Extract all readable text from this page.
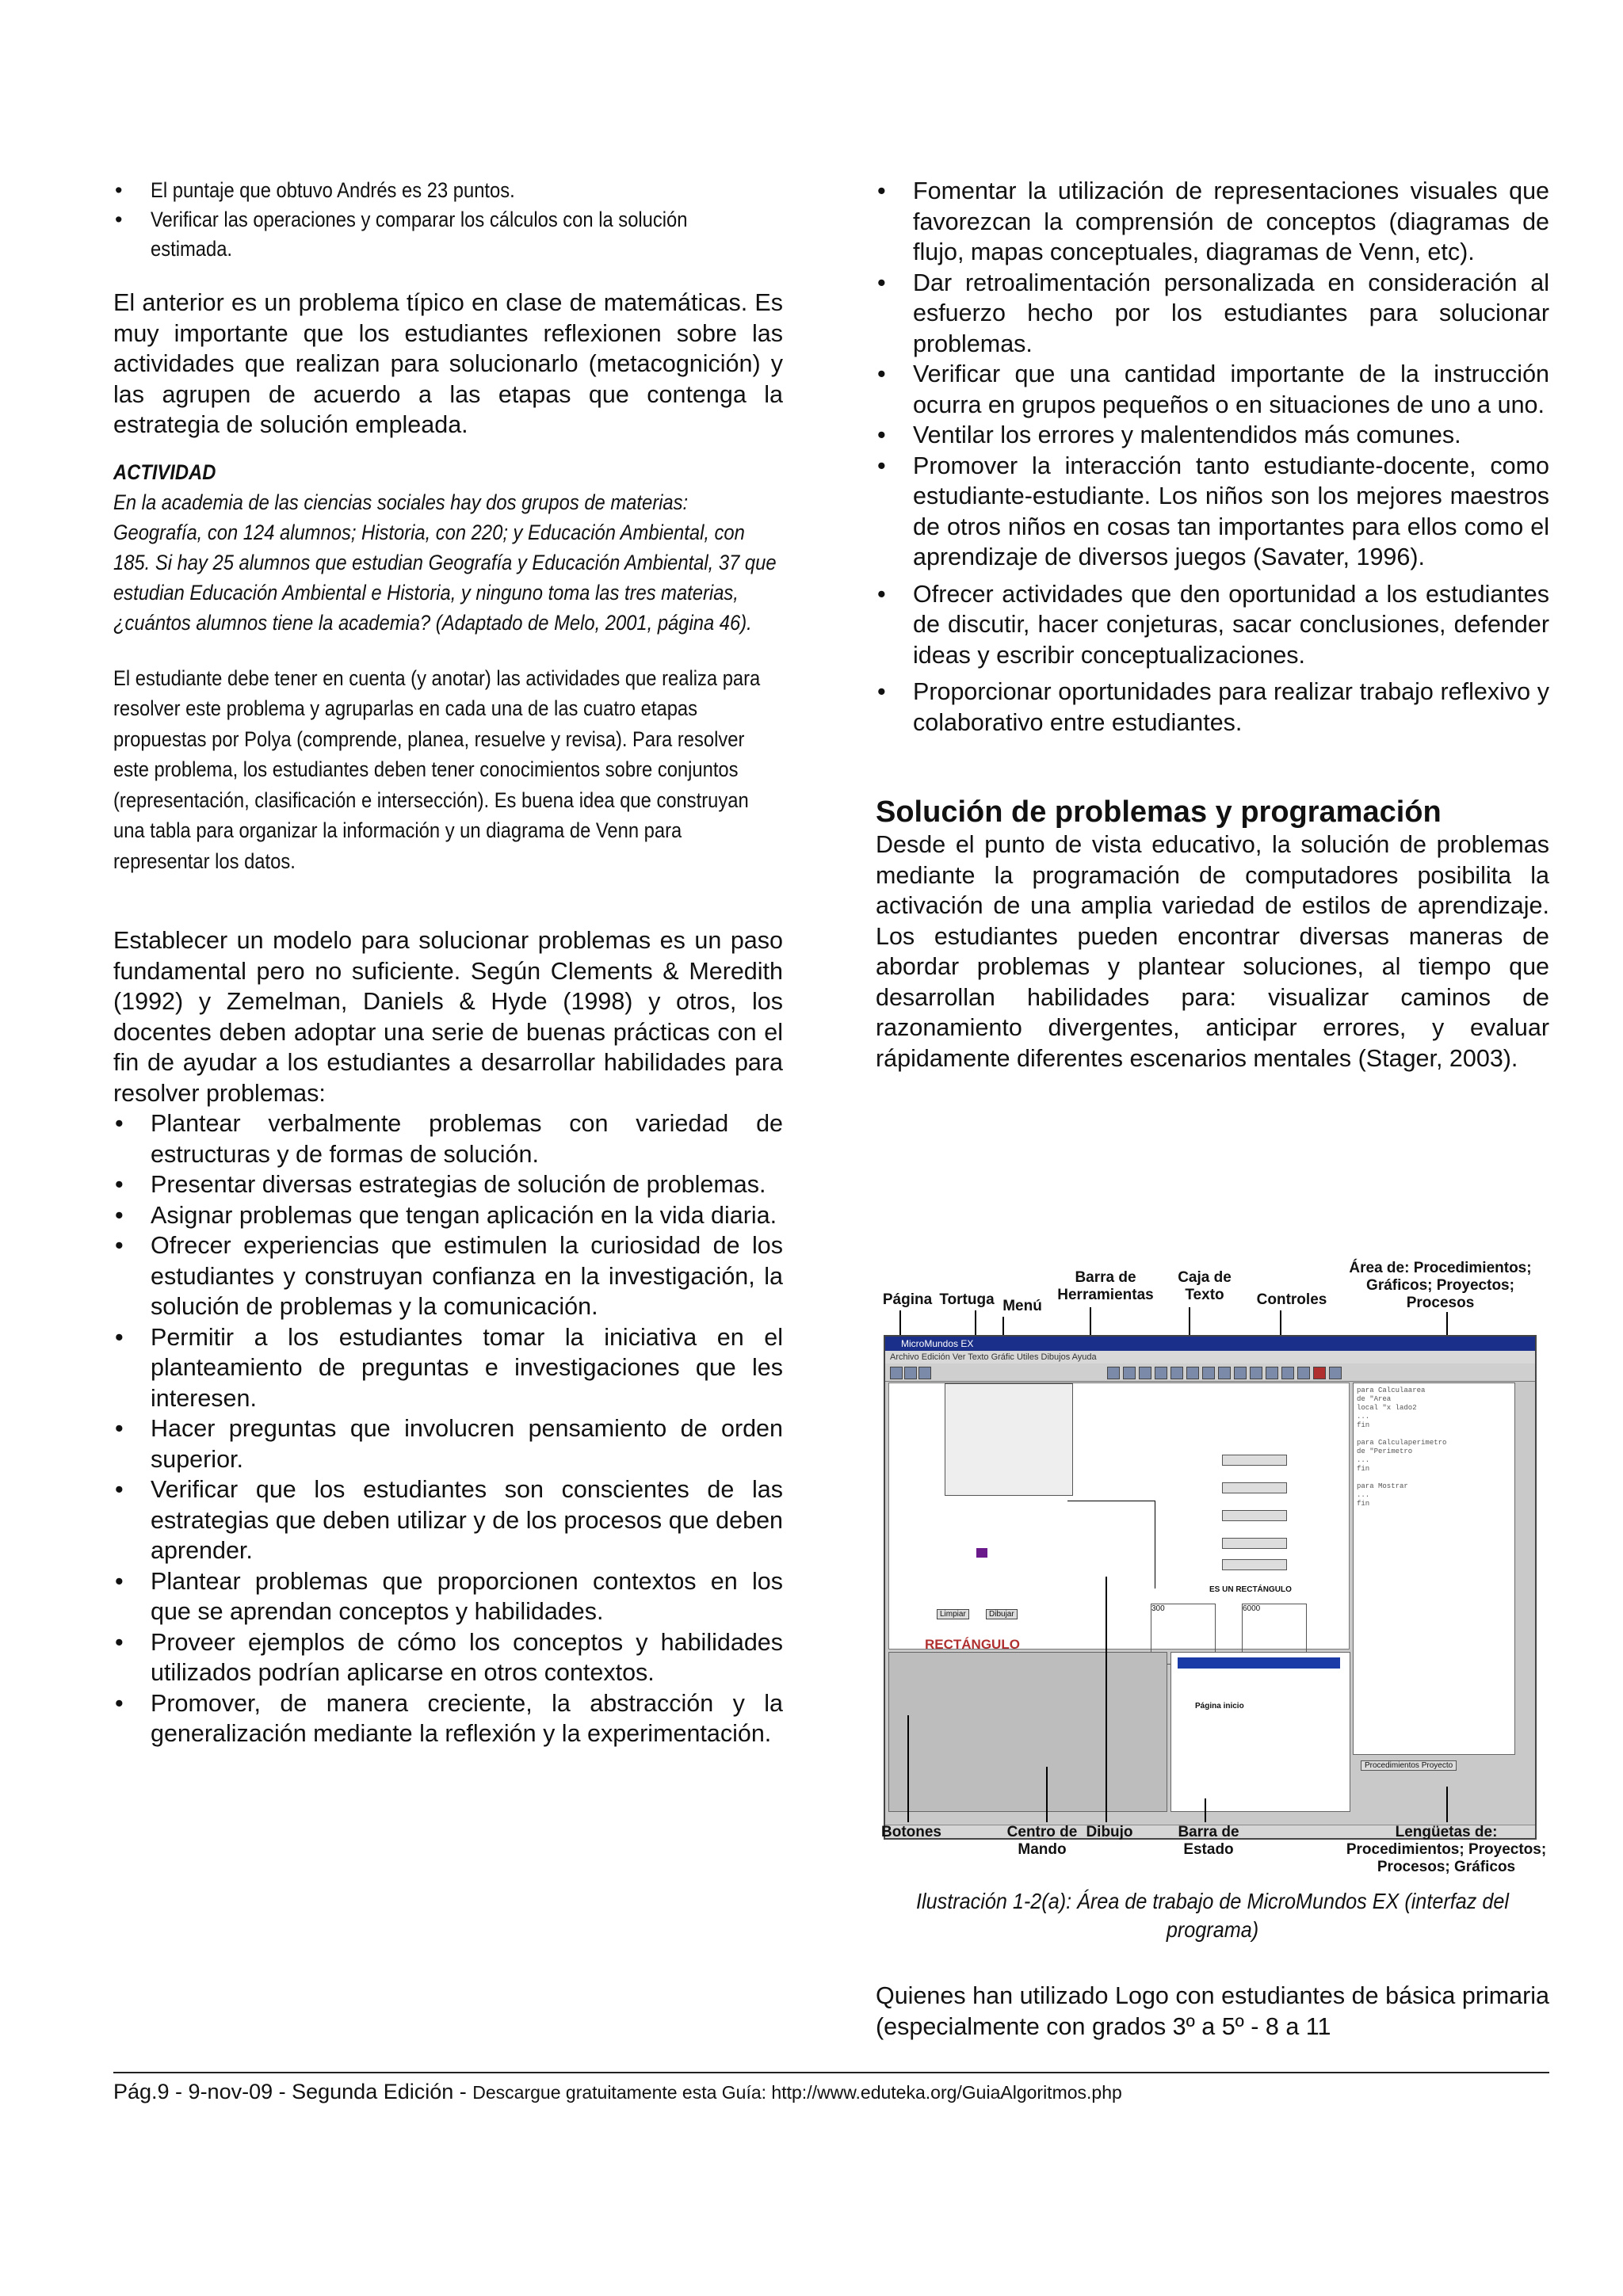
• El puntaje que obtuvo Andrés es 23 puntos.
• Verificar las operaciones y comparar los cálculos con la solución estimada.

El anterior es un problema típico en clase de matemáticas. Es muy importante que los estudiantes reflexionen sobre las actividades que realizan para solucionarlo (metacognición) y las agrupen de acuerdo a las etapas que contenga la estrategia de solución empleada.

ACTIVIDAD
En la academia de las ciencias sociales hay dos grupos de materias: Geografía, con 124 alumnos; Historia, con 220; y Educación Ambiental, con 185. Si hay 25 alumnos que estudian Geografía y Educación Ambiental, 37 que estudian Educación Ambiental e Historia, y ninguno toma las tres materias, ¿cuántos alumnos tiene la academia? (Adaptado de Melo, 2001, página 46).
El estudiante debe tener en cuenta (y anotar) las actividades que realiza para resolver este problema y agruparlas en cada una de las cuatro etapas propuestas por Polya (comprende, planea, resuelve y revisa). Para resolver este problema, los estudiantes deben tener conocimientos sobre conjuntos (representación, clasificación e intersección). Es buena idea que construyan una tabla para organizar la información y un diagrama de Venn para representar los datos.

Establecer un modelo para solucionar problemas es un paso fundamental pero no suficiente. Según Clements & Meredith (1992) y Zemelman, Daniels & Hyde (1998) y otros, los docentes deben adoptar una serie de buenas prácticas con el fin de ayudar a los estudiantes a desarrollar habilidades para resolver problemas:

• Plantear verbalmente problemas con variedad de estructuras y de formas de solución.
• Presentar diversas estrategias de solución de problemas.
• Asignar problemas que tengan aplicación en la vida diaria.
• Ofrecer experiencias que estimulen la curiosidad de los estudiantes y construyan confianza en la investigación, la solución de problemas y la comunicación.
• Permitir a los estudiantes tomar la iniciativa en el planteamiento de preguntas e investigaciones que les interesen.
• Hacer preguntas que involucren pensamiento de orden superior.
• Verificar que los estudiantes son conscientes de las estrategias que deben utilizar y de los procesos que deben aprender.
• Plantear problemas que proporcionen contextos en los que se aprendan conceptos y habilidades.
• Proveer ejemplos de cómo los conceptos y habilidades utilizados podrían aplicarse en otros contextos.
• Promover, de manera creciente, la abstracción y la generalización mediante la reflexión y la experimentación.
• Fomentar la utilización de representaciones visuales que favorezcan la comprensión de conceptos (diagramas de flujo, mapas conceptuales, diagramas de Venn, etc).
• Dar retroalimentación personalizada en consideración al esfuerzo hecho por los estudiantes para solucionar problemas.
• Verificar que una cantidad importante de la instrucción ocurra en grupos pequeños o en situaciones de uno a uno.
• Ventilar los errores y malentendidos más comunes.
• Promover la interacción tanto estudiante-docente, como estudiante-estudiante. Los niños son los mejores maestros de otros niños en cosas tan importantes para ellos como el aprendizaje de diversos juegos (Savater, 1996).
• Ofrecer actividades que den oportunidad a los estudiantes de discutir, hacer conjeturas, sacar conclusiones, defender ideas y escribir conceptualizaciones.
• Proporcionar oportunidades para realizar trabajo reflexivo y colaborativo entre estudiantes.
Solución de problemas y programación

Desde el punto de vista educativo, la solución de problemas mediante la programación de computadores posibilita la activación de una amplia variedad de estilos de aprendizaje. Los estudiantes pueden encontrar diversas maneras de abordar problemas y plantear soluciones, al tiempo que desarrollan habilidades para: visualizar caminos de razonamiento divergentes, anticipar errores, y evaluar rápidamente diferentes escenarios mentales (Stager, 2003).

Página Tortuga Menú
Barra de Herramientas
Caja de Texto	Controles
Área de: Procedimientos; Gráficos; Proyectos; Procesos
MicroMundos EX
Archivo Edición Ver Texto Gráfic Utiles Dibujos Ayuda
Limpiar	Dibujar
RECTÁNGULO
ES UN RECTÁNGULO
300	6000
para Calculaarea
de "Area
local "x lado2
...
fin

para Calculaperimetro
de "Perimetro
...
fin

para Mostrar
...
fin
Página inicio
Procedimientos Proyecto
Botones	Centro de Mando
Dibujo	Barra de Estado
Lengüetas de: Procedimientos; Proyectos; Procesos; Gráficos
Ilustración 1-2(a): Área de trabajo de MicroMundos EX (interfaz del programa)

Quienes han utilizado Logo con estudiantes de básica primaria (especialmente con grados 3º a 5º - 8 a 11

Pág.9 - 9-nov-09 - Segunda Edición - Descargue gratuitamente esta Guía: http://www.eduteka.org/GuiaAlgoritmos.php
